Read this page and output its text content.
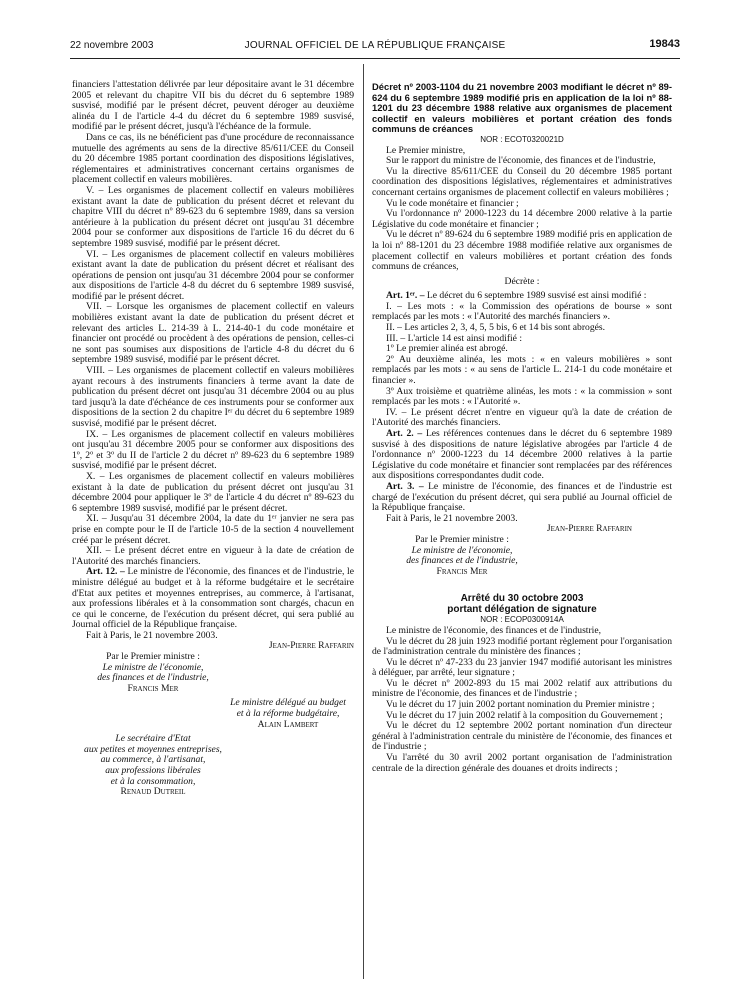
22 novembre 2003	JOURNAL OFFICIEL DE LA RÉPUBLIQUE FRANÇAISE	19843

financiers l'attestation délivrée par leur dépositaire avant le 31 décembre 2005 et relevant du chapitre VII bis du décret du 6 septembre 1989 susvisé, modifié par le présent décret, peuvent déroger au deuxième alinéa du I de l'article 4-4 du décret du 6 septembre 1989 susvisé, modifié par le présent décret, jusqu'à l'échéance de la formule.

Dans ce cas, ils ne bénéficient pas d'une procédure de reconnaissance mutuelle des agréments au sens de la directive 85/611/CEE du Conseil du 20 décembre 1985 portant coordination des dispositions législatives, réglementaires et administratives concernant certains organismes de placement collectif en valeurs mobilières.

V. – Les organismes de placement collectif en valeurs mobilières existant avant la date de publication du présent décret et relevant du chapitre VIII du décret nº 89-623 du 6 septembre 1989, dans sa version antérieure à la publication du présent décret ont jusqu'au 31 décembre 2004 pour se conformer aux dispositions de l'article 16 du décret du 6 septembre 1989 susvisé, modifié par le présent décret.

VI. – Les organismes de placement collectif en valeurs mobilières existant avant la date de publication du présent décret et réalisant des opérations de pension ont jusqu'au 31 décembre 2004 pour se conformer aux dispositions de l'article 4-8 du décret du 6 septembre 1989 susvisé, modifié par le présent décret.

VII. – Lorsque les organismes de placement collectif en valeurs mobilières existant avant la date de publication du présent décret et relevant des articles L. 214-39 à L. 214-40-1 du code monétaire et financier ont procédé ou procèdent à des opérations de pension, celles-ci ne sont pas soumises aux dispositions de l'article 4-8 du décret du 6 septembre 1989 susvisé, modifié par le présent décret.

VIII. – Les organismes de placement collectif en valeurs mobilières ayant recours à des instruments financiers à terme avant la date de publication du présent décret ont jusqu'au 31 décembre 2004 ou au plus tard jusqu'à la date d'échéance de ces instruments pour se conformer aux dispositions de la section 2 du chapitre Iᵉʳ du décret du 6 septembre 1989 susvisé, modifié par le présent décret.

IX. – Les organismes de placement collectif en valeurs mobilières ont jusqu'au 31 décembre 2005 pour se conformer aux dispositions des 1º, 2º et 3º du II de l'article 2 du décret nº 89-623 du 6 septembre 1989 susvisé, modifié par le présent décret.

X. – Les organismes de placement collectif en valeurs mobilières existant à la date de publication du présent décret ont jusqu'au 31 décembre 2004 pour appliquer le 3º de l'article 4 du décret nº 89-623 du 6 septembre 1989 susvisé, modifié par le présent décret.

XI. – Jusqu'au 31 décembre 2004, la date du 1ᵉʳ janvier ne sera pas prise en compte pour le II de l'article 10-5 de la section 4 nouvellement créé par le présent décret.

XII. – Le présent décret entre en vigueur à la date de création de l'Autorité des marchés financiers.

Art. 12. – Le ministre de l'économie, des finances et de l'industrie, le ministre délégué au budget et à la réforme budgétaire et le secrétaire d'Etat aux petites et moyennes entreprises, au commerce, à l'artisanat, aux professions libérales et à la consommation sont chargés, chacun en ce qui le concerne, de l'exécution du présent décret, qui sera publié au Journal officiel de la République française.

Fait à Paris, le 21 novembre 2003.

Jean-Pierre Raffarin

Par le Premier ministre :

Le ministre de l'économie,
des finances et de l'industrie,
Francis Mer
Le ministre délégué au budget
et à la réforme budgétaire,
Alain Lambert
Le secrétaire d'Etat
aux petites et moyennes entreprises,
au commerce, à l'artisanat,
aux professions libérales
et à la consommation,
Renaud Dutreil

Décret nº 2003-1104 du 21 novembre 2003 modifiant le décret nº 89-624 du 6 septembre 1989 modifié pris en application de la loi nº 88-1201 du 23 décembre 1988 relative aux organismes de placement collectif en valeurs mobilières et portant création des fonds communs de créances

NOR : ECOT0320021D

Le Premier ministre,

Sur le rapport du ministre de l'économie, des finances et de l'industrie,

Vu la directive 85/611/CEE du Conseil du 20 décembre 1985 portant coordination des dispositions législatives, réglementaires et administratives concernant certains organismes de placement collectif en valeurs mobilières ;

Vu le code monétaire et financier ;

Vu l'ordonnance nº 2000-1223 du 14 décembre 2000 relative à la partie Législative du code monétaire et financier ;

Vu le décret nº 89-624 du 6 septembre 1989 modifié pris en application de la loi nº 88-1201 du 23 décembre 1988 modifiée relative aux organismes de placement collectif en valeurs mobilières et portant création des fonds communs de créances,

Décrète :

Art. 1ᵉʳ. – Le décret du 6 septembre 1989 susvisé est ainsi modifié :

I. – Les mots : « la Commission des opérations de bourse » sont remplacés par les mots : « l'Autorité des marchés financiers ».

II. – Les articles 2, 3, 4, 5, 5 bis, 6 et 14 bis sont abrogés.

III. – L'article 14 est ainsi modifié :

1º Le premier alinéa est abrogé.

2º Au deuxième alinéa, les mots : « en valeurs mobilières » sont remplacés par les mots : « au sens de l'article L. 214-1 du code monétaire et financier ».

3º Aux troisième et quatrième alinéas, les mots : « la commission » sont remplacés par les mots : « l'Autorité ».

IV. – Le présent décret n'entre en vigueur qu'à la date de création de l'Autorité des marchés financiers.

Art. 2. – Les références contenues dans le décret du 6 septembre 1989 susvisé à des dispositions de nature législative abrogées par l'article 4 de l'ordonnance nº 2000-1223 du 14 décembre 2000 relatives à la partie Législative du code monétaire et financier sont remplacées par des références aux dispositions correspondantes dudit code.

Art. 3. – Le ministre de l'économie, des finances et de l'industrie est chargé de l'exécution du présent décret, qui sera publié au Journal officiel de la République française.

Fait à Paris, le 21 novembre 2003.

Jean-Pierre Raffarin

Par le Premier ministre :

Le ministre de l'économie,
des finances et de l'industrie,
Francis Mer

Arrêté du 30 octobre 2003

portant délégation de signature

NOR : ECOP0300914A

Le ministre de l'économie, des finances et de l'industrie,

Vu le décret du 28 juin 1923 modifié portant règlement pour l'organisation de l'administration centrale du ministère des finances ;

Vu le décret nº 47-233 du 23 janvier 1947 modifié autorisant les ministres à déléguer, par arrêté, leur signature ;

Vu le décret nº 2002-893 du 15 mai 2002 relatif aux attributions du ministre de l'économie, des finances et de l'industrie ;

Vu le décret du 17 juin 2002 portant nomination du Premier ministre ;

Vu le décret du 17 juin 2002 relatif à la composition du Gouvernement ;

Vu le décret du 12 septembre 2002 portant nomination d'un directeur général à l'administration centrale du ministère de l'économie, des finances et de l'industrie ;

Vu l'arrêté du 30 avril 2002 portant organisation de l'administration centrale de la direction générale des douanes et droits indirects ;
